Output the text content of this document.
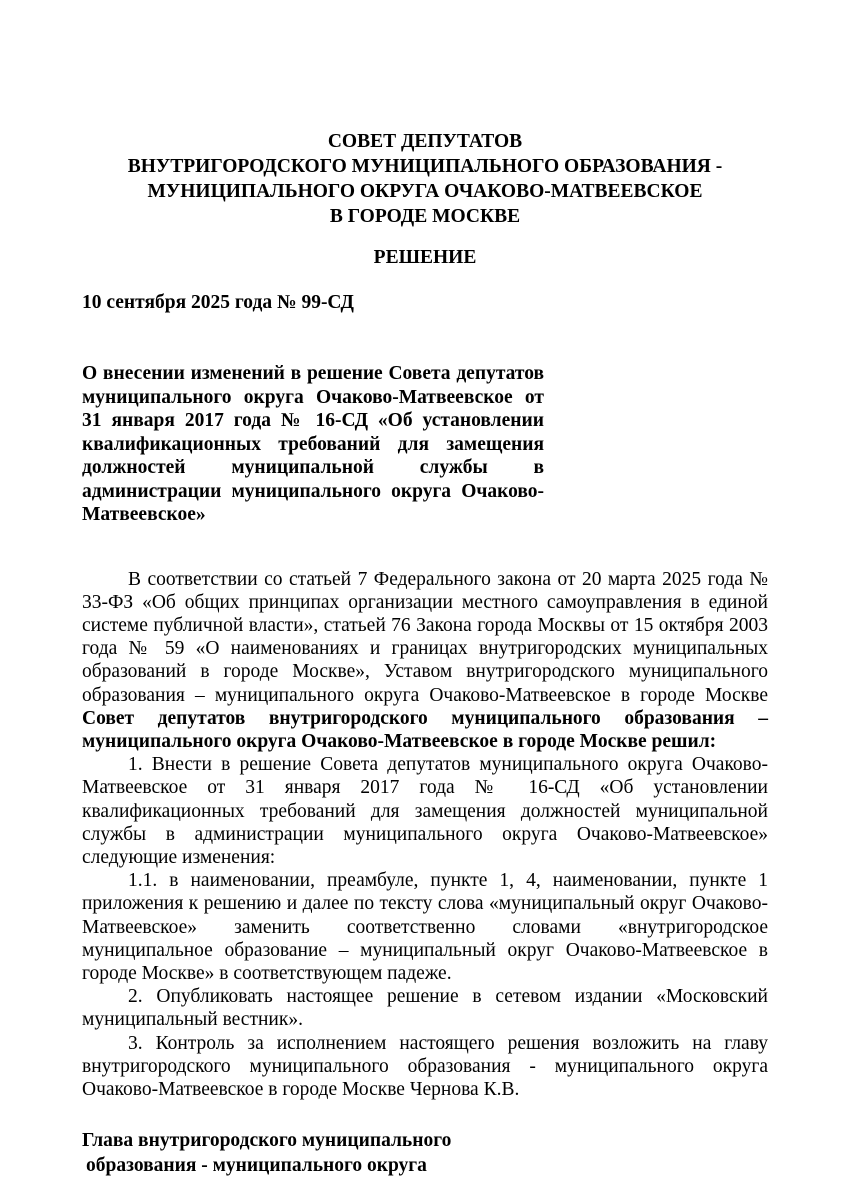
СОВЕТ ДЕПУТАТОВ
ВНУТРИГОРОДСКОГО МУНИЦИПАЛЬНОГО ОБРАЗОВАНИЯ -
МУНИЦИПАЛЬНОГО ОКРУГА ОЧАКОВО-МАТВЕЕВСКОЕ
В ГОРОДЕ МОСКВЕ
РЕШЕНИЕ
10 сентября 2025 года № 99-СД
О внесении изменений в решение Совета депутатов муниципального округа Очаково-Матвеевское от 31 января 2017 года № 16-СД «Об установлении квалификационных требований для замещения должностей муниципальной службы в администрации муниципального округа Очаково-Матвеевское»

В соответствии со статьей 7 Федерального закона от 20 марта 2025 года № 33-ФЗ «Об общих принципах организации местного самоуправления в единой системе публичной власти», статьей 76 Закона города Москвы от 15 октября 2003 года № 59 «О наименованиях и границах внутригородских муниципальных образований в городе Москве», Уставом внутригородского муниципального образования – муниципального округа Очаково-Матвеевское в городе Москве Совет депутатов внутригородского муниципального образования – муниципального округа Очаково-Матвеевское в городе Москве решил:

1. Внести в решение Совета депутатов муниципального округа Очаково-Матвеевское от 31 января 2017 года № 16-СД «Об установлении квалификационных требований для замещения должностей муниципальной службы в администрации муниципального округа Очаково-Матвеевское» следующие изменения:

1.1. в наименовании, преамбуле, пункте 1, 4, наименовании, пункте 1 приложения к решению и далее по тексту слова «муниципальный округ Очаково-Матвеевское» заменить соответственно словами «внутригородское муниципальное образование – муниципальный округ Очаково-Матвеевское в городе Москве» в соответствующем падеже.

2. Опубликовать настоящее решение в сетевом издании «Московский муниципальный вестник».

3. Контроль за исполнением настоящего решения возложить на главу внутригородского муниципального образования - муниципального округа Очаково-Матвеевское в городе Москве Чернова К.В.

Глава внутригородского муниципального
образования - муниципального округа
